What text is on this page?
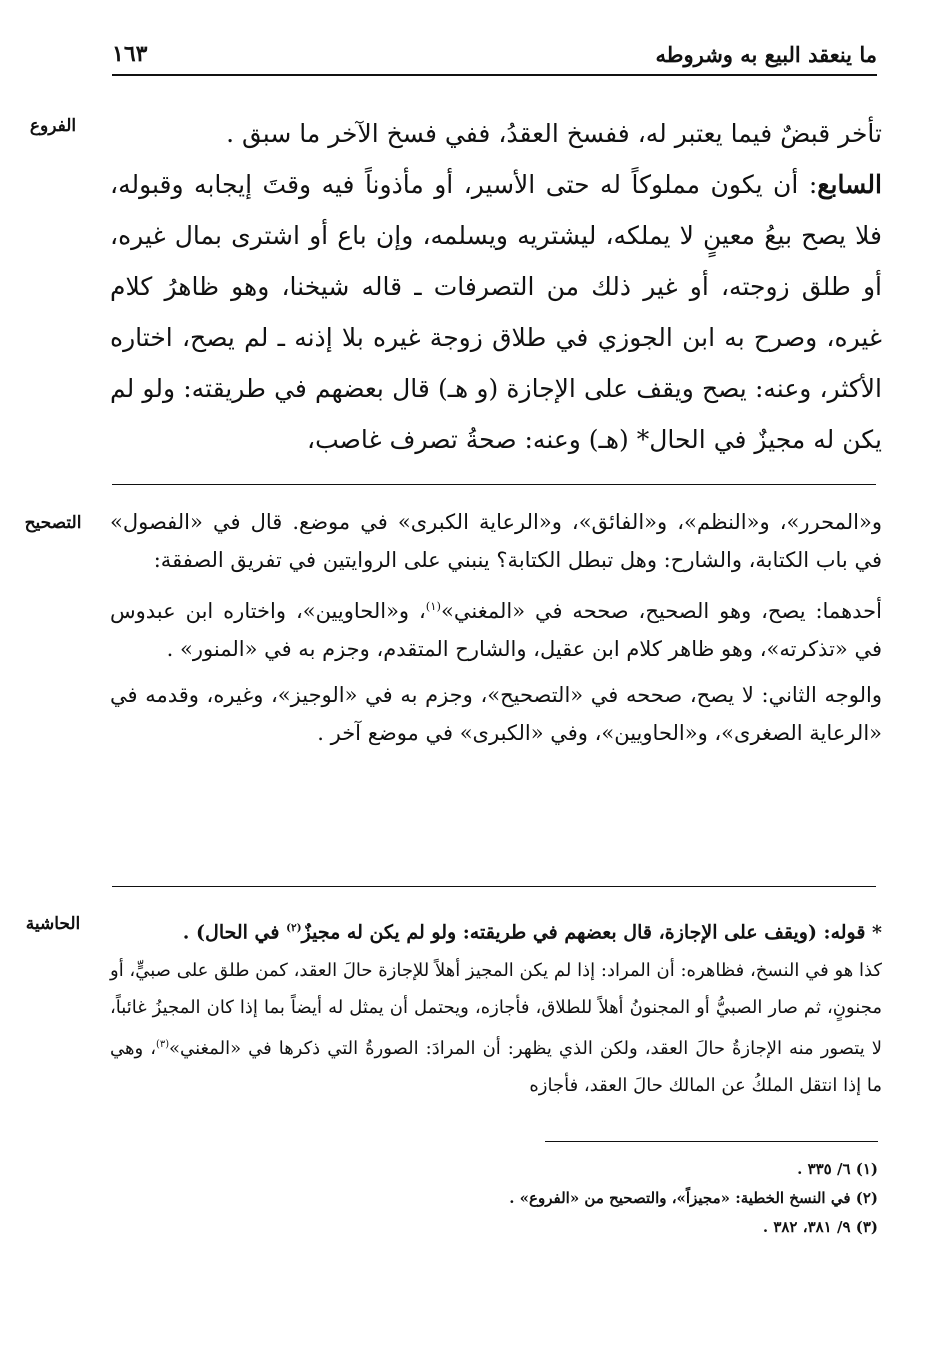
ما ينعقد البيع به وشروطه
١٦٣
الفروع	تأخر قبضٌ فيما يعتبر له، ففسخ العقدُ، ففي فسخ الآخر ما سبق .

السابع: أن يكون مملوكاً له حتى الأسير، أو مأذوناً فيه وقتَ إيجابه وقبوله، فلا يصح بيعُ معينٍ لا يملكه، ليشتريه ويسلمه، وإن باع أو اشترى بمال غيره، أو طلق زوجته، أو غير ذلك من التصرفات ـ قاله شيخنا، وهو ظاهرُ كلام غيره، وصرح به ابن الجوزي في طلاق زوجة غيره بلا إذنه ـ لم يصح، اختاره الأكثر، وعنه: يصح ويقف على الإجازة (و هـ) قال بعضهم في طريقته: ولو لم يكن له مجيزٌ في الحال* (هـ) وعنه: صحةُ تصرف غاصب،

التصحيح	و«المحرر»، و«النظم»، و«الفائق»، و«الرعاية الكبرى» في موضع. قال في «الفصول» في باب الكتابة، والشارح: وهل تبطل الكتابة؟ ينبني على الروايتين في تفريق الصفقة:

أحدهما: يصح، وهو الصحيح، صححه في «المغني»$^{(١)}$، و«الحاويين»، واختاره ابن عبدوس في «تذكرته»، وهو ظاهر كلام ابن عقيل، والشارح المتقدم، وجزم به في «المنور» .

والوجه الثاني: لا يصح، صححه في «التصحيح»، وجزم به في «الوجيز»، وغيره، وقدمه في «الرعاية الصغرى»، و«الحاويين»، وفي «الكبرى» في موضع آخر .

الحاشية	* قوله: (ويقف على الإجازة، قال بعضهم في طريقته: ولو لم يكن له مجيزٌ$^{(٢)}$ في الحال) .

كذا هو في النسخ، فظاهره: أن المراد: إذا لم يكن المجيز أهلاً للإجازة حالَ العقد، كمن طلق على صبيٍّ، أو مجنونٍ، ثم صار الصبيُّ أو المجنونُ أهلاً للطلاق، فأجازه، ويحتمل أن يمثل له أيضاً بما إذا كان المجيزُ غائباً، لا يتصور منه الإجازةُ حالَ العقد، ولكن الذي يظهر: أن المرادَ: الصورةُ التي ذكرها في «المغني»$^{(٣)}$، وهي ما إذا انتقل الملكُ عن المالك حالَ العقد، فأجازه

(١) ٦/ ٣٣٥ .

(٢) في النسخ الخطية: «مجيزاً»، والتصحيح من «الفروع» .

(٣) ٩/ ٣٨١، ٣٨٢ .
